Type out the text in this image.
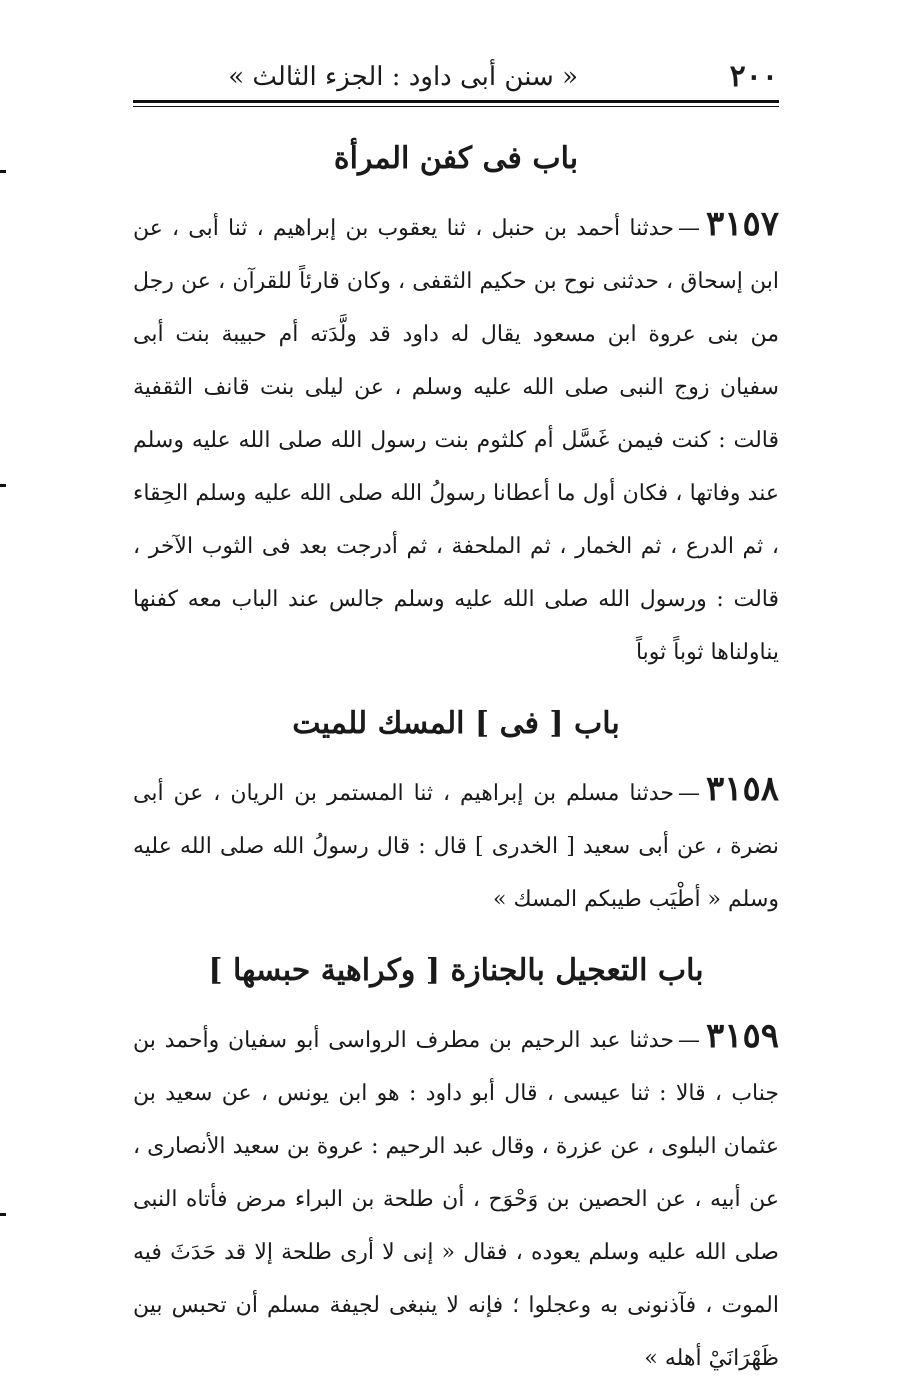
٢٠٠
« سنن أبى داود : الجزء الثالث »
باب فى كفن المرأة

٣١٥٧—حدثنا أحمد بن حنبل ، ثنا يعقوب بن إبراهيم ، ثنا أبى ، عن ابن إسحاق ، حدثنى نوح بن حكيم الثقفى ، وكان قارئاً للقرآن ، عن رجل من بنى عروة ابن مسعود يقال له داود قد ولَّدَته أم حبيبة بنت أبى سفيان زوج النبى صلى الله عليه وسلم ، عن ليلى بنت قانف الثقفية قالت : كنت فيمن غَسَّل أم كلثوم بنت رسول الله صلى الله عليه وسلم عند وفاتها ، فكان أول ما أعطانا رسولُ الله صلى الله عليه وسلم الحِقاء ، ثم الدرع ، ثم الخمار ، ثم الملحفة ، ثم أدرجت بعد فى الثوب الآخر ، قالت : ورسول الله صلى الله عليه وسلم جالس عند الباب معه كفنها يناولناها ثوباً ثوباً

باب [ فى ] المسك للميت

٣١٥٨—حدثنا مسلم بن إبراهيم ، ثنا المستمر بن الريان ، عن أبى نضرة ، عن أبى سعيد [ الخدرى ] قال : قال رسولُ الله صلى الله عليه وسلم « أطْيَب طيبكم المسك »

باب التعجيل بالجنازة [ وكراهية حبسها ]

٣١٥٩—حدثنا عبد الرحيم بن مطرف الرواسى أبو سفيان وأحمد بن جناب ، قالا : ثنا عيسى ، قال أبو داود : هو ابن يونس ، عن سعيد بن عثمان البلوى ، عن عزرة ، وقال عبد الرحيم : عروة بن سعيد الأنصارى ، عن أبيه ، عن الحصين بن وَحْوَح ، أن طلحة بن البراء مرض فأتاه النبى صلى الله عليه وسلم يعوده ، فقال « إنى لا أرى طلحة إلا قد حَدَثَ فيه الموت ، فآذنونى به وعجلوا ؛ فإنه لا ينبغى لجيفة مسلم أن تحبس بين ظَهْرَانَيْ أهله »
